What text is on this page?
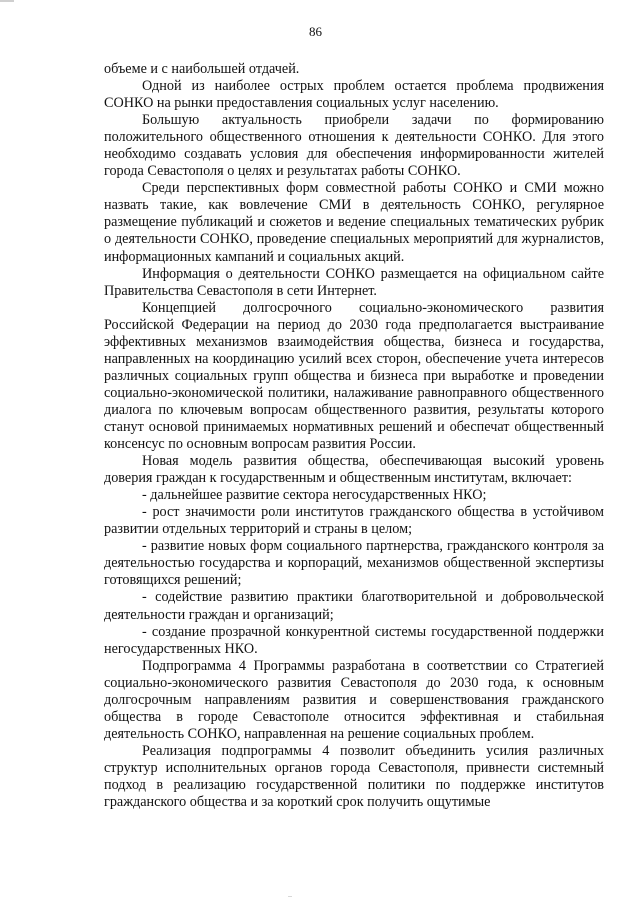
86

объеме и с наибольшей отдачей.

Одной из наиболее острых проблем остается проблема продвижения СОНКО на рынки предоставления социальных услуг населению.

Большую актуальность приобрели задачи по формированию положительного общественного отношения к деятельности СОНКО. Для этого необходимо создавать условия для обеспечения информированности жителей города Севастополя о целях и результатах работы СОНКО.

Среди перспективных форм совместной работы СОНКО и СМИ можно назвать такие, как вовлечение СМИ в деятельность СОНКО, регулярное размещение публикаций и сюжетов и ведение специальных тематических рубрик о деятельности СОНКО, проведение специальных мероприятий для журналистов, информационных кампаний и социальных акций.

Информация о деятельности СОНКО размещается на официальном сайте Правительства Севастополя в сети Интернет.

Концепцией долгосрочного социально-экономического развития Российской Федерации на период до 2030 года предполагается выстраивание эффективных механизмов взаимодействия общества, бизнеса и государства, направленных на координацию усилий всех сторон, обеспечение учета интересов различных социальных групп общества и бизнеса при выработке и проведении социально-экономической политики, налаживание равноправного общественного диалога по ключевым вопросам общественного развития, результаты которого станут основой принимаемых нормативных решений и обеспечат общественный консенсус по основным вопросам развития России.

Новая модель развития общества, обеспечивающая высокий уровень доверия граждан к государственным и общественным институтам, включает:

- дальнейшее развитие сектора негосударственных НКО;

- рост значимости роли институтов гражданского общества в устойчивом развитии отдельных территорий и страны в целом;

- развитие новых форм социального партнерства, гражданского контроля за деятельностью государства и корпораций, механизмов общественной экспертизы готовящихся решений;

- содействие развитию практики благотворительной и добровольческой деятельности граждан и организаций;

- создание прозрачной конкурентной системы государственной поддержки негосударственных НКО.

Подпрограмма 4 Программы разработана в соответствии со Стратегией социально-экономического развития Севастополя до 2030 года, к основным долгосрочным направлениям развития и совершенствования гражданского общества в городе Севастополе относится эффективная и стабильная деятельность СОНКО, направленная на решение социальных проблем.

Реализация подпрограммы 4 позволит объединить усилия различных структур исполнительных органов города Севастополя, привнести системный подход в реализацию государственной политики по поддержке институтов гражданского общества и за короткий срок получить ощутимые
